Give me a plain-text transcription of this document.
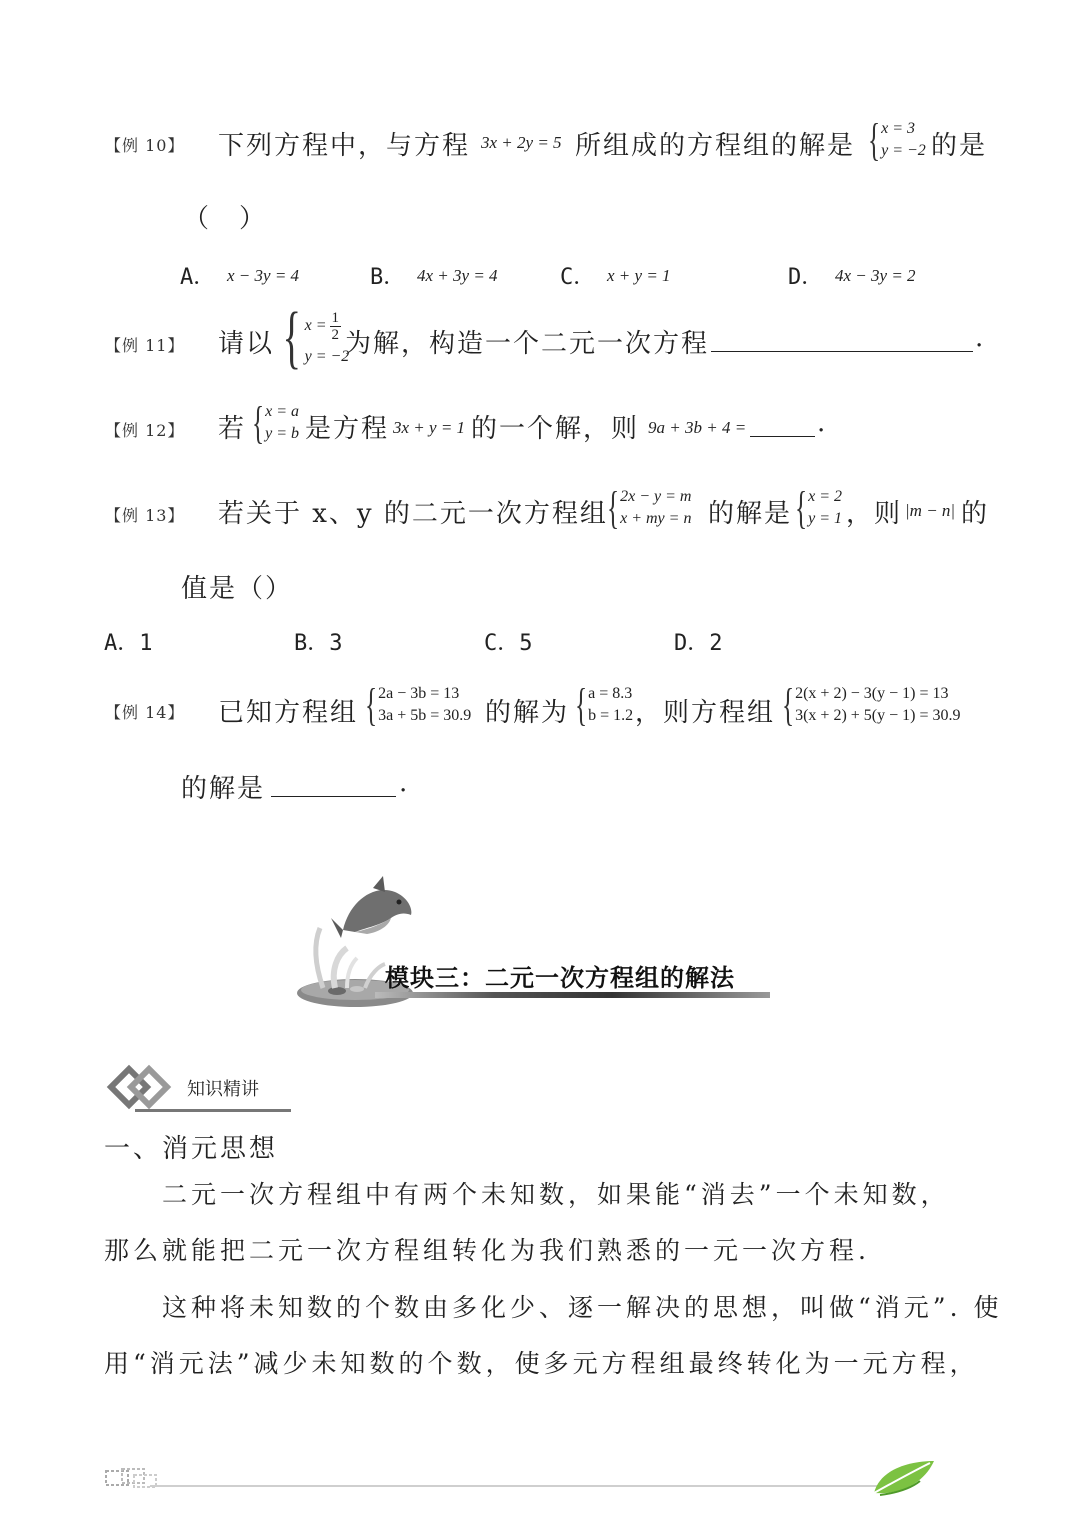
【例 10】 下列方程中，与方程 3x + 2y = 5 所组成的方程组的解是 { x = 3
y = −2 的是
（　）
A． x − 3y = 4	B． 4x + 3y = 4	C． x + y = 1	D． 4x − 3y = 2
【例 11】 请以 { $x = \frac{1}{2}$
y = −2
为解，构造一个二元一次方程	.
【例 12】 若 { x = a
y = b 是方程 3x + y = 1 的一个解，则 9a + 3b + 4 =	.
【例 13】 若关于 x、y 的二元一次方程组 { 2x − y = m
x + my = n 的解是 { x = 2
y = 1 ，则 |m − n| 的
值是（）
A．1	B．3	C．5	D．2
【例 14】 已知方程组 { 2a − 3b = 13
3a + 5b = 30.9 的解为 { a = 8.3
b = 1.2 ，则方程组 { 2(x + 2) − 3(y − 1) = 13
3(x + 2) + 5(y − 1) = 30.9
的解是	.
模块三：二元一次方程组的解法
知识精讲
一、消元思想
二元一次方程组中有两个未知数，如果能“消去”一个未知数，
那么就能把二元一次方程组转化为我们熟悉的一元一次方程.
这种将未知数的个数由多化少、逐一解决的思想，叫做“消元”. 使
用“消元法”减少未知数的个数，使多元方程组最终转化为一元方程，
